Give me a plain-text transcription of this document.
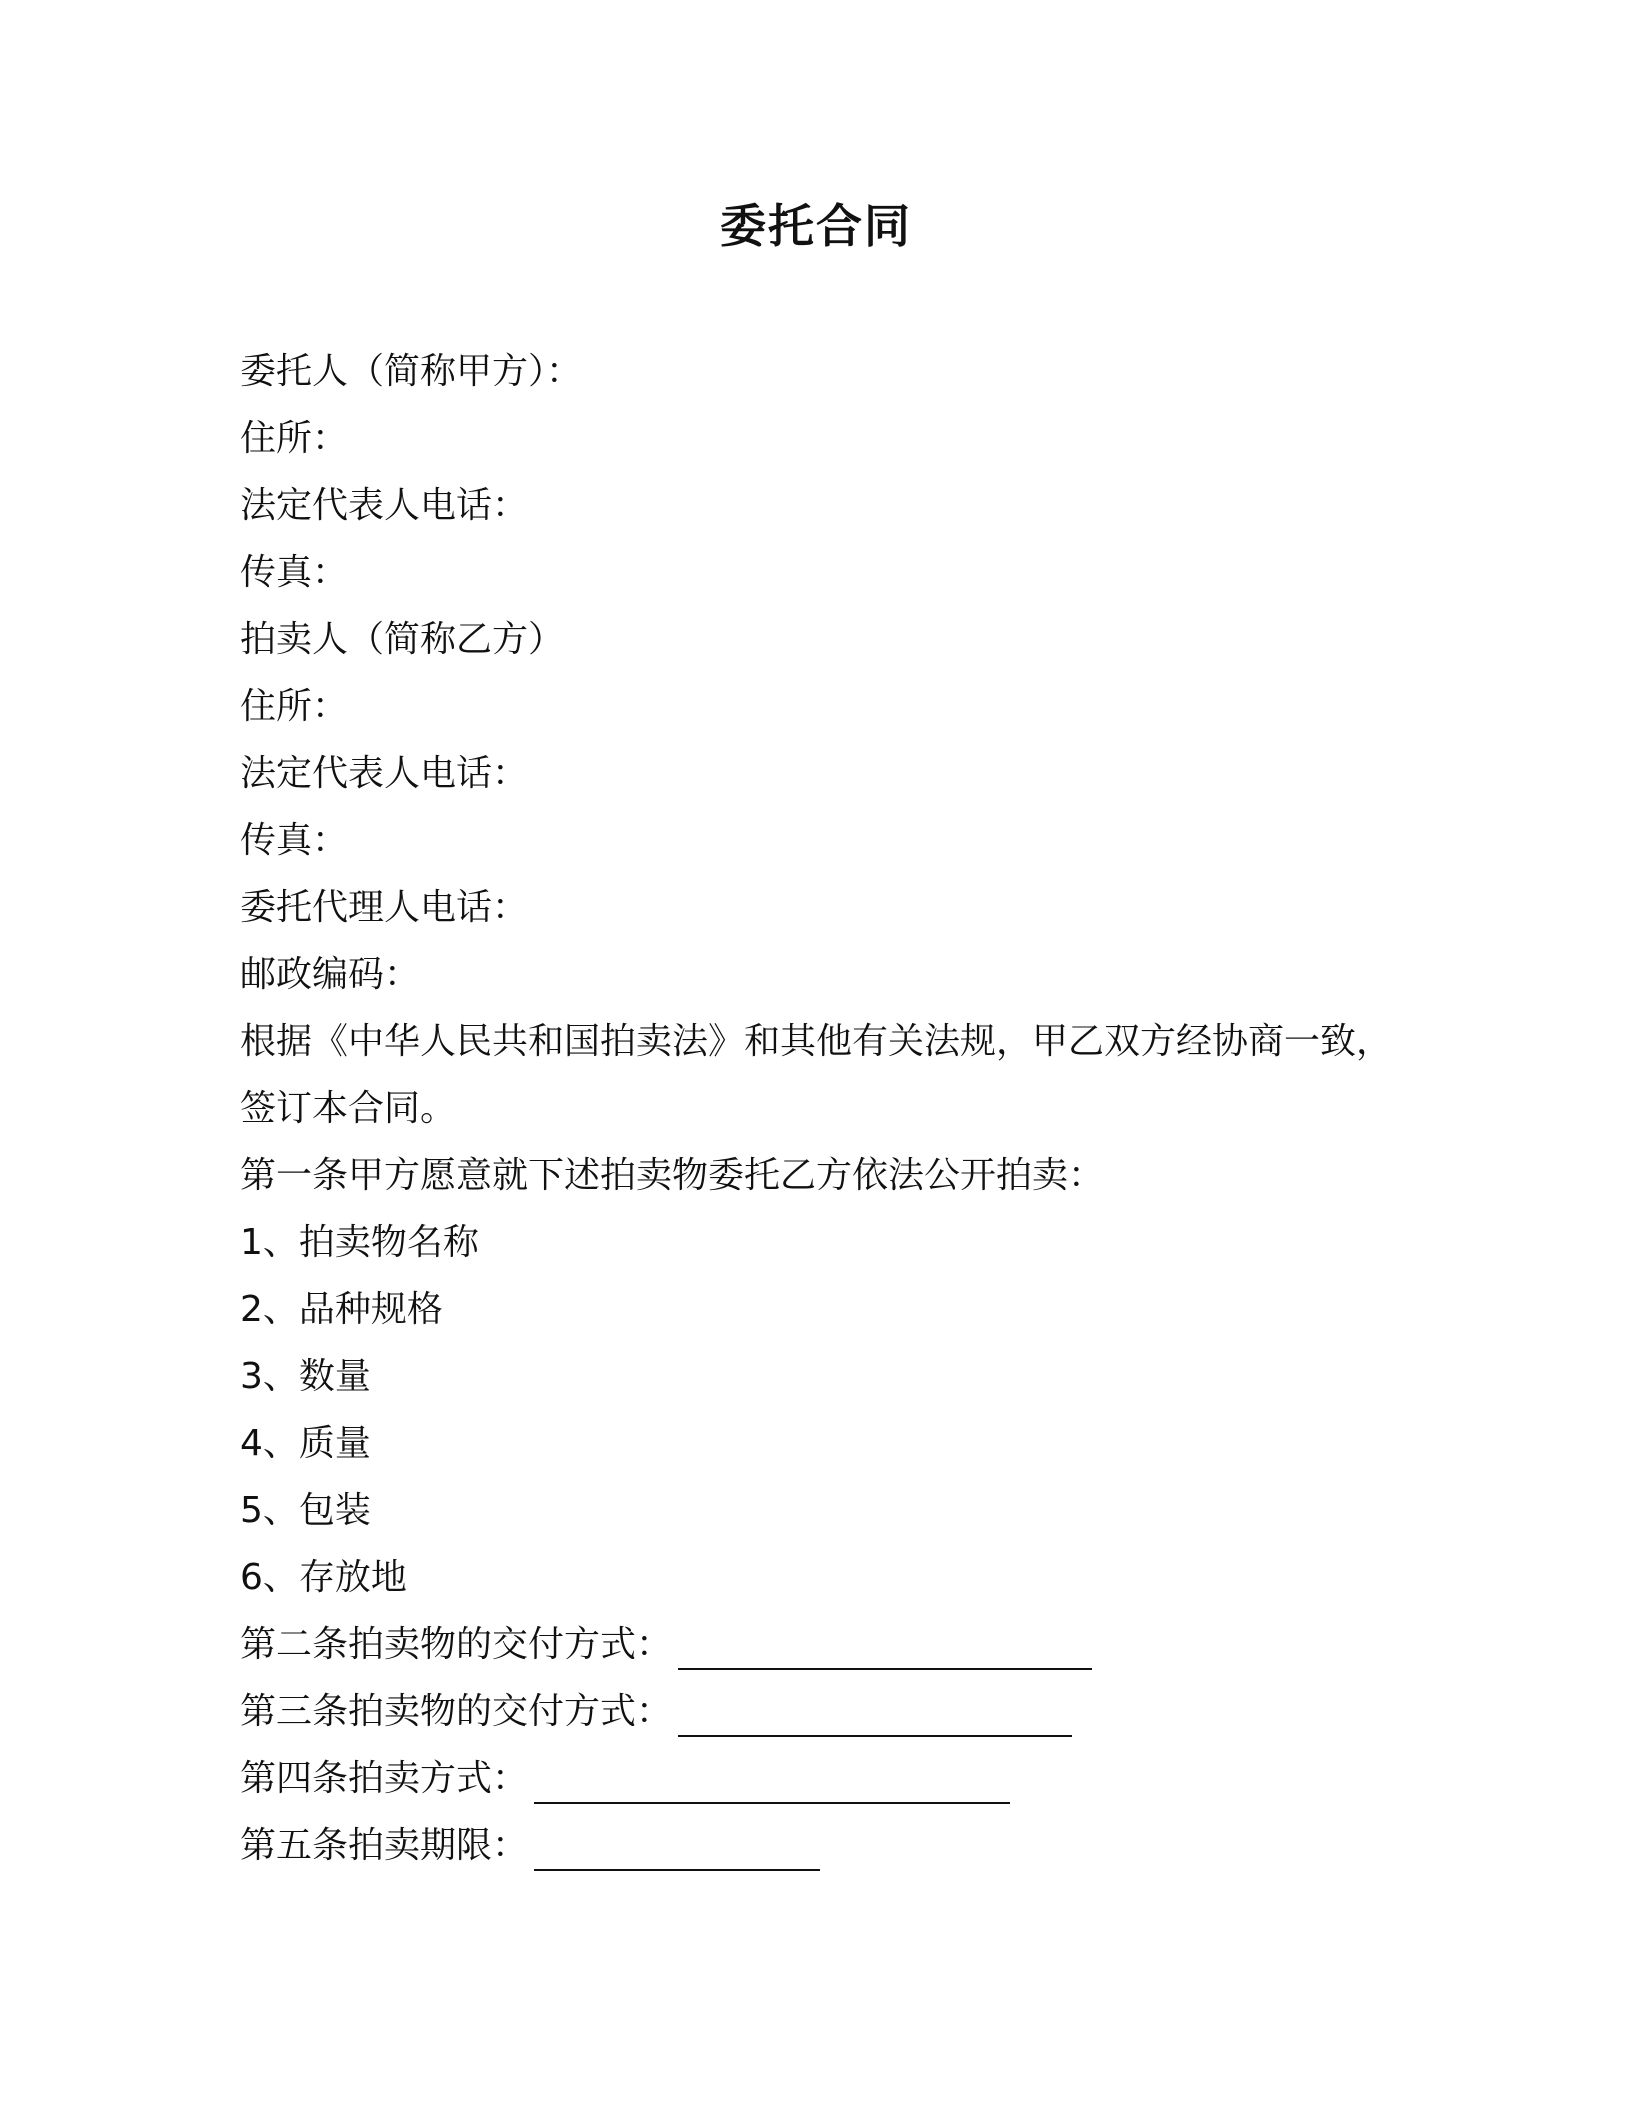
委托合同
委托人（简称甲方）：
住所：
法定代表人电话：
传真：
拍卖人（简称乙方）
住所：
法定代表人电话：
传真：
委托代理人电话：
邮政编码：
根据《中华人民共和国拍卖法》和其他有关法规，甲乙双方经协商一致，
签订本合同。
第一条甲方愿意就下述拍卖物委托乙方依法公开拍卖：
1、拍卖物名称
2、品种规格
3、数量
4、质量
5、包装
6、存放地
第二条拍卖物的交付方式：
第三条拍卖物的交付方式：
第四条拍卖方式：
第五条拍卖期限：
